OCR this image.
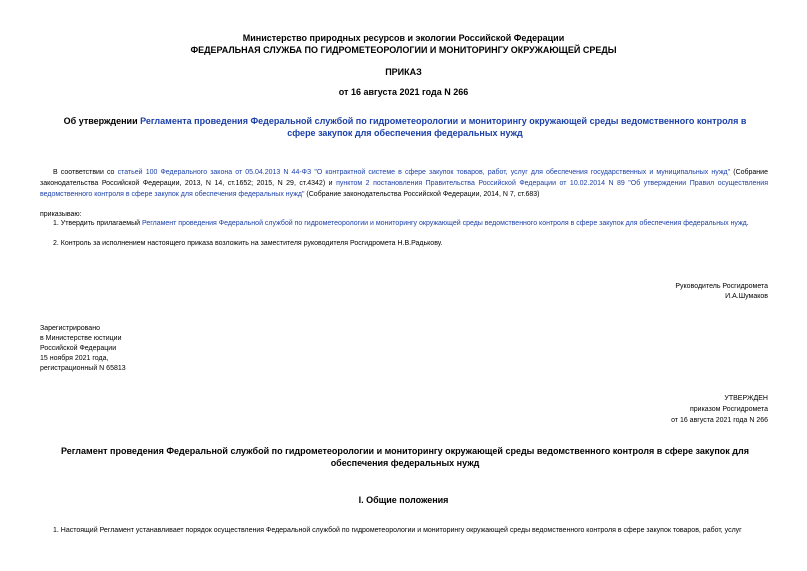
Министерство природных ресурсов и экологии Российской Федерации
ФЕДЕРАЛЬНАЯ СЛУЖБА ПО ГИДРОМЕТЕОРОЛОГИИ И МОНИТОРИНГУ ОКРУЖАЮЩЕЙ СРЕДЫ
ПРИКАЗ
от 16 августа 2021 года N 266
Об утверждении Регламента проведения Федеральной службой по гидрометеорологии и мониторингу окружающей среды ведомственного контроля в сфере закупок для обеспечения федеральных нужд
В соответствии со статьей 100 Федерального закона от 05.04.2013 N 44-ФЗ "О контрактной системе в сфере закупок товаров, работ, услуг для обеспечения государственных и муниципальных нужд" (Собрание законодательства Российской Федерации, 2013, N 14, ст.1652; 2015, N 29, ст.4342) и пунктом 2 постановления Правительства Российской Федерации от 10.02.2014 N 89 "Об утверждении Правил осуществления ведомственного контроля в сфере закупок для обеспечения федеральных нужд" (Собрание законодательства Российской Федерации, 2014, N 7, ст.683)
приказываю:
1. Утвердить прилагаемый Регламент проведения Федеральной службой по гидрометеорологии и мониторингу окружающей среды ведомственного контроля в сфере закупок для обеспечения федеральных нужд.
2. Контроль за исполнением настоящего приказа возложить на заместителя руководителя Росгидромета Н.В.Радькову.
Руководитель Росгидромета
И.А.Шумаков
Зарегистрировано
в Министерстве юстиции
Российской Федерации
15 ноября 2021 года,
регистрационный N 65813
УТВЕРЖДЕН
приказом Росгидромета
от 16 августа 2021 года N 266
Регламент проведения Федеральной службой по гидрометеорологии и мониторингу окружающей среды ведомственного контроля в сфере закупок для обеспечения федеральных нужд
I. Общие положения
1. Настоящий Регламент устанавливает порядок осуществления Федеральной службой по гидрометеорологии и мониторингу окружающей среды ведомственного контроля в сфере закупок товаров, работ, услуг
